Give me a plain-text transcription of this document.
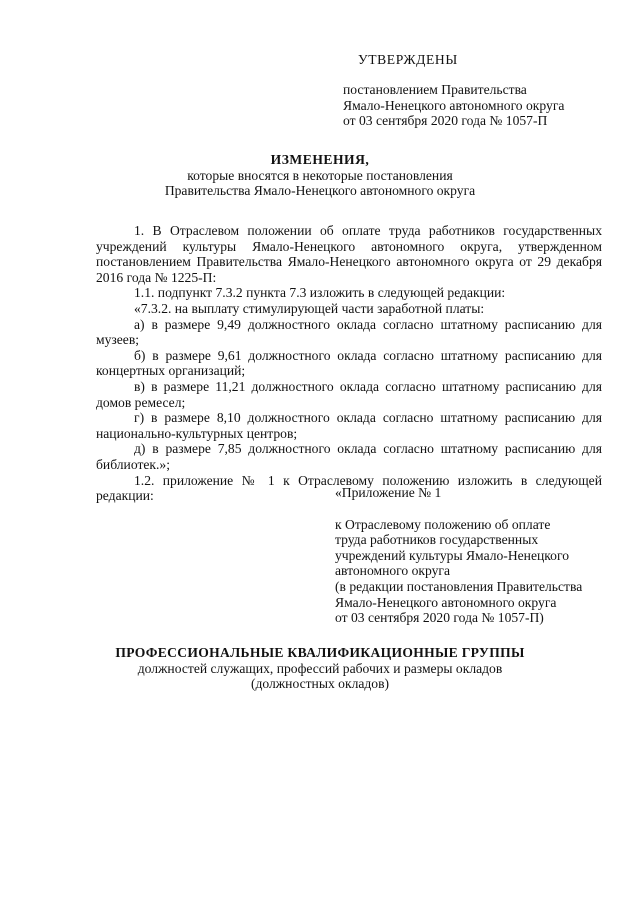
УТВЕРЖДЕНЫ
постановлением Правительства
Ямало-Ненецкого автономного округа
от 03 сентября 2020 года № 1057-П
ИЗМЕНЕНИЯ,
которые вносятся в некоторые постановления
Правительства Ямало-Ненецкого автономного округа
1. В Отраслевом положении об оплате труда работников государственных учреждений культуры Ямало-Ненецкого автономного округа, утвержденном постановлением Правительства Ямало-Ненецкого автономного округа от 29 декабря 2016 года № 1225-П:
1.1. подпункт 7.3.2 пункта 7.3 изложить в следующей редакции:
«7.3.2. на выплату стимулирующей части заработной платы:
а) в размере 9,49 должностного оклада согласно штатному расписанию для музеев;
б) в размере 9,61 должностного оклада согласно штатному расписанию для концертных организаций;
в) в размере 11,21 должностного оклада согласно штатному расписанию для домов ремесел;
г) в размере 8,10 должностного оклада согласно штатному расписанию для национально-культурных центров;
д) в размере 7,85 должностного оклада согласно штатному расписанию для библиотек.»;
1.2. приложение № 1 к Отраслевому положению изложить в следующей редакции:	«Приложение № 1
к Отраслевому положению об оплате
труда работников государственных
учреждений культуры Ямало-Ненецкого
автономного округа
(в редакции постановления Правительства
Ямало-Ненецкого автономного округа
от 03 сентября 2020 года № 1057-П)
ПРОФЕССИОНАЛЬНЫЕ КВАЛИФИКАЦИОННЫЕ ГРУППЫ
должностей служащих, профессий рабочих и размеры окладов
(должностных окладов)
